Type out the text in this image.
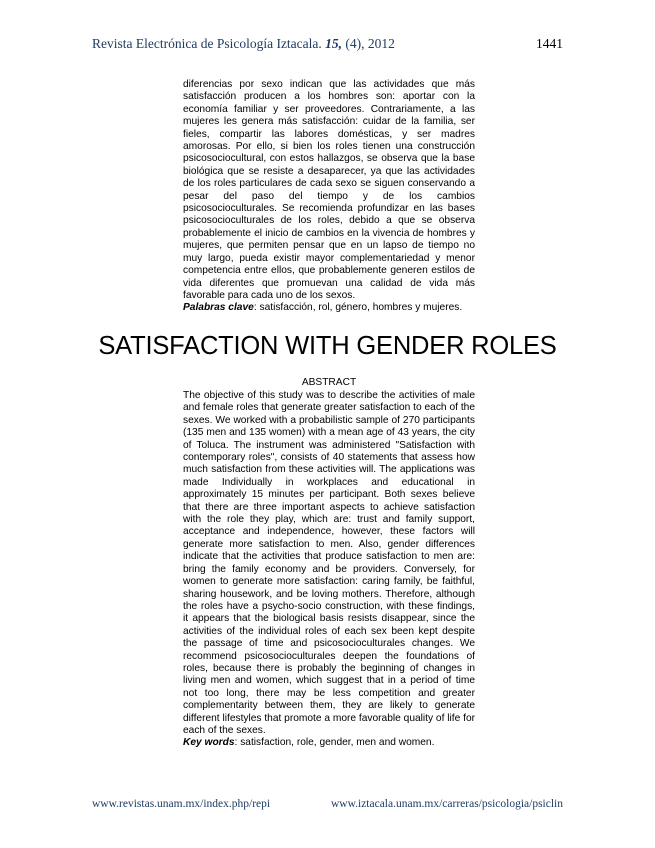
Revista Electrónica de Psicología Iztacala. 15, (4), 2012	1441

diferencias por sexo indican que las actividades que más satisfacción producen a los hombres son: aportar con la economía familiar y ser proveedores. Contrariamente, a las mujeres les genera más satisfacción: cuidar de la familia, ser fieles, compartir las labores domésticas, y ser madres amorosas. Por ello, si bien los roles tienen una construcción psicosociocultural, con estos hallazgos, se observa que la base biológica que se resiste a desaparecer, ya que las actividades de los roles particulares de cada sexo se siguen conservando a pesar del paso del tiempo y de los cambios psicosocioculturales. Se recomienda profundizar en las bases psicosocioculturales de los roles, debido a que se observa probablemente el inicio de cambios en la vivencia de hombres y mujeres, que permiten pensar que en un lapso de tiempo no muy largo, pueda existir mayor complementariedad y menor competencia entre ellos, que probablemente generen estilos de vida diferentes que promuevan una calidad de vida más favorable para cada uno de los sexos.

Palabras clave: satisfacción, rol, género, hombres y mujeres.

SATISFACTION WITH GENDER ROLES
ABSTRACT

The objective of this study was to describe the activities of male and female roles that generate greater satisfaction to each of the sexes. We worked with a probabilistic sample of 270 participants (135 men and 135 women) with a mean age of 43 years, the city of Toluca. The instrument was administered "Satisfaction with contemporary roles", consists of 40 statements that assess how much satisfaction from these activities will. The applications was made Individually in workplaces and educational in approximately 15 minutes per participant. Both sexes believe that there are three important aspects to achieve satisfaction with the role they play, which are: trust and family support, acceptance and independence, however, these factors will generate more satisfaction to men. Also, gender differences indicate that the activities that produce satisfaction to men are: bring the family economy and be providers. Conversely, for women to generate more satisfaction: caring family, be faithful, sharing housework, and be loving mothers. Therefore, although the roles have a psycho-socio construction, with these findings, it appears that the biological basis resists disappear, since the activities of the individual roles of each sex been kept despite the passage of time and psicosocioculturales changes. We recommend psicosocioculturales deepen the foundations of roles, because there is probably the beginning of changes in living men and women, which suggest that in a period of time not too long, there may be less competition and greater complementarity between them, they are likely to generate different lifestyles that promote a more favorable quality of life for each of the sexes.

Key words: satisfaction, role, gender, men and women.

www.revistas.unam.mx/index.php/repi	www.iztacala.unam.mx/carreras/psicologia/psiclin
